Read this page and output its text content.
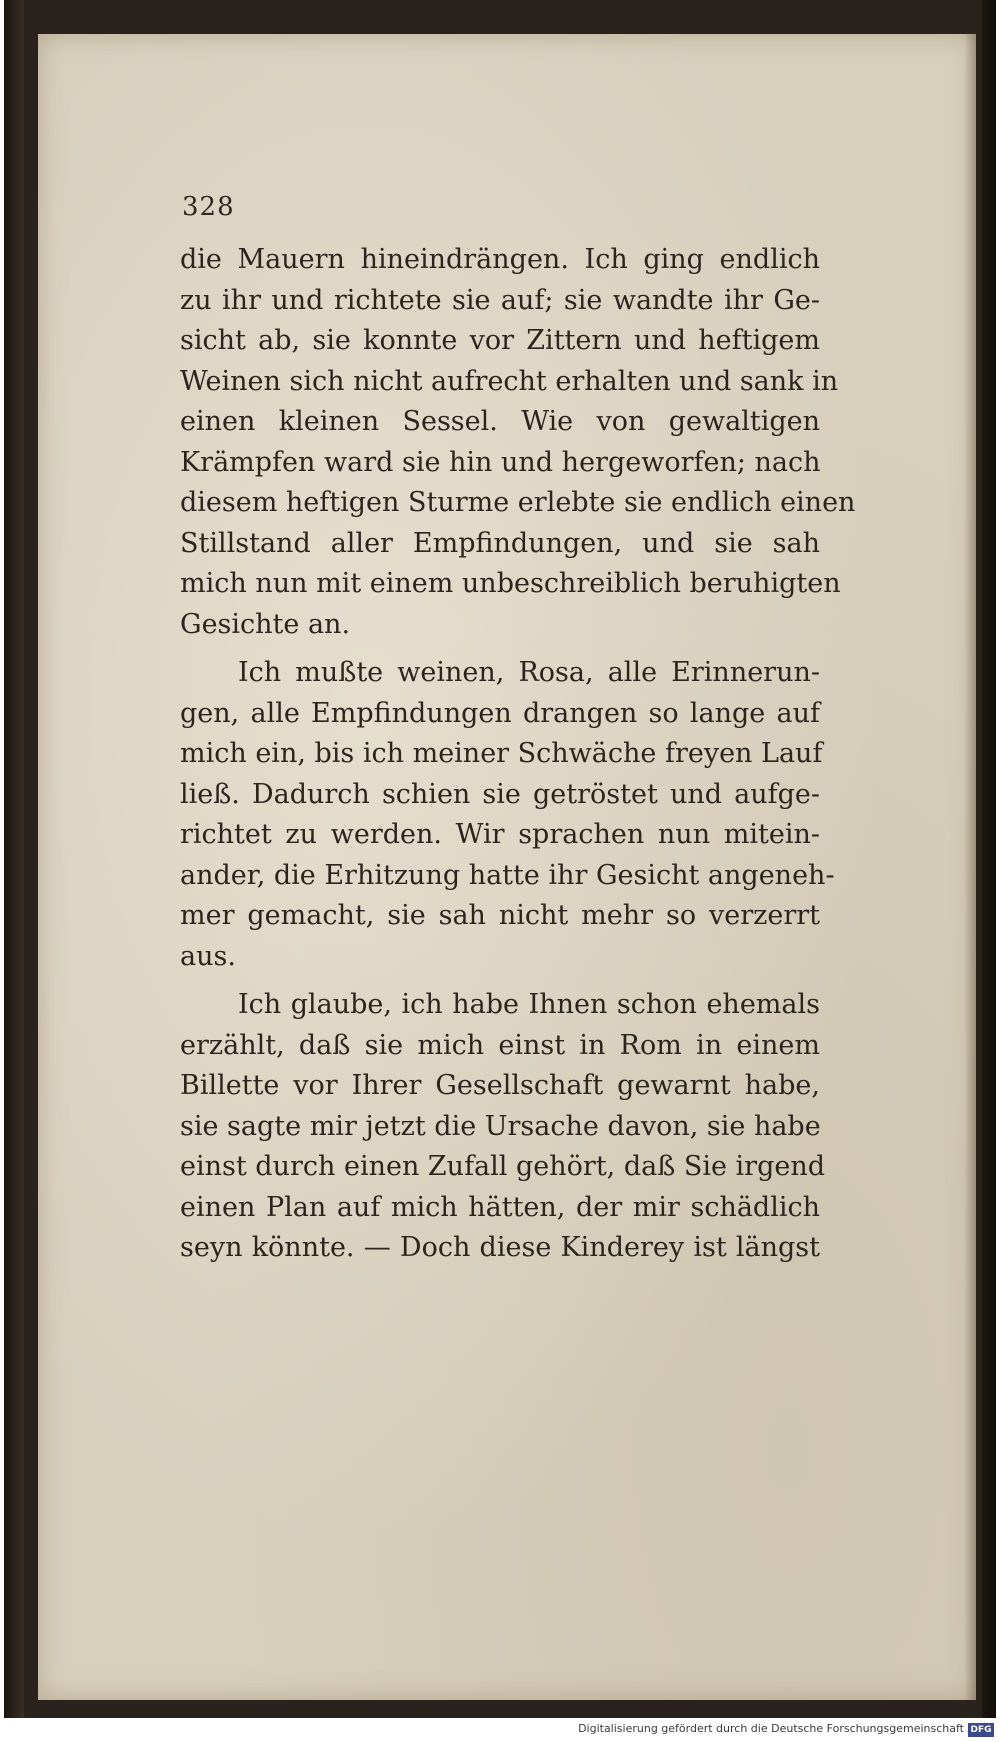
328
die Mauern hineindrängen. Ich ging endlich
zu ihr und richtete sie auf; sie wandte ihr Ge-
sicht ab, sie konnte vor Zittern und heftigem
Weinen sich nicht aufrecht erhalten und sank in
einen kleinen Sessel. Wie von gewaltigen
Krämpfen ward sie hin und hergeworfen; nach
diesem heftigen Sturme erlebte sie endlich einen
Stillstand aller Empfindungen, und sie sah
mich nun mit einem unbeschreiblich beruhigten
Gesichte an.
Ich mußte weinen, Rosa, alle Erinnerun-
gen, alle Empfindungen drangen so lange auf
mich ein, bis ich meiner Schwäche freyen Lauf
ließ. Dadurch schien sie getröstet und aufge-
richtet zu werden. Wir sprachen nun mitein-
ander, die Erhitzung hatte ihr Gesicht angeneh-
mer gemacht, sie sah nicht mehr so verzerrt
aus.
Ich glaube, ich habe Ihnen schon ehemals
erzählt, daß sie mich einst in Rom in einem
Billette vor Ihrer Gesellschaft gewarnt habe,
sie sagte mir jetzt die Ursache davon, sie habe
einst durch einen Zufall gehört, daß Sie irgend
einen Plan auf mich hätten, der mir schädlich
seyn könnte. — Doch diese Kinderey ist längst
Digitalisierung gefördert durch die Deutsche Forschungsgemeinschaft DFG
